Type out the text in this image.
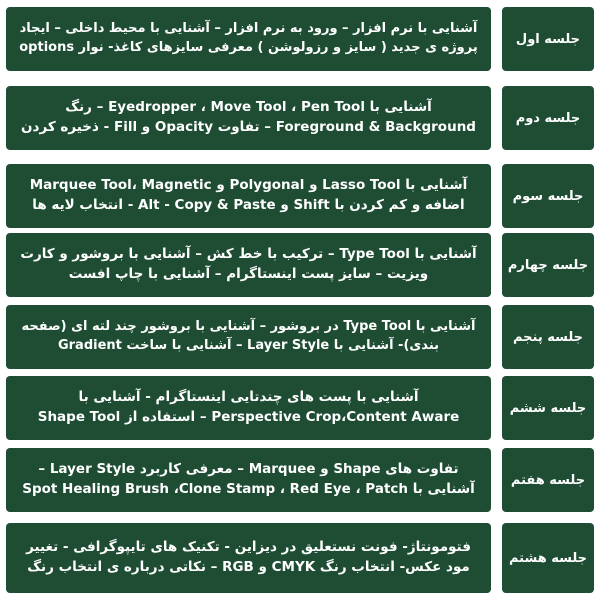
آشنایی با نرم افزار – ورود به نرم افزار – آشنایی با محیط داخلی – ایجاد
پروژه ی جدید ( سایز و رزولوشن ) معرفی سایزهای کاغذ- نوار options
جلسه اول
آشنایی با Eyedropper ، Move Tool ، Pen Tool – رنگ
Foreground & Background – تفاوت Opacity و Fill - ذخیره کردن
جلسه دوم
آشنایی با Lasso Tool و Polygonal و Marquee Tool، Magnetic
اضافه و کم کردن با Shift و Alt - Copy & Paste - انتخاب لایه ها
جلسه سوم
آشنایی با Type Tool – ترکیب با خط کش – آشنایی با بروشور و کارت
ویزیت – سایز پست اینستاگرام – آشنایی با چاپ افست
جلسه چهارم
آشنایی با Type Tool در بروشور – آشنایی با بروشور چند لته ای (صفحه
بندی)- آشنایی با Layer Style – آشنایی با ساخت Gradient
جلسه پنجم
آشنایی با پست های چندتایی اینستاگرام - آشنایی با
Perspective Crop،Content Aware – استفاده از Shape Tool
جلسه ششم
تفاوت های Shape و Marquee – معرفی کاربرد Layer Style –
آشنایی با Spot Healing Brush ،Clone Stamp ، Red Eye ، Patch
جلسه هفتم
فتومونتاژ- فونت نستعلیق در دیزاین - تکنیک های تایپوگرافی - تغییر
مود عکس- انتخاب رنگ CMYK و RGB – نکاتی درباره ی انتخاب رنگ
جلسه هشتم
